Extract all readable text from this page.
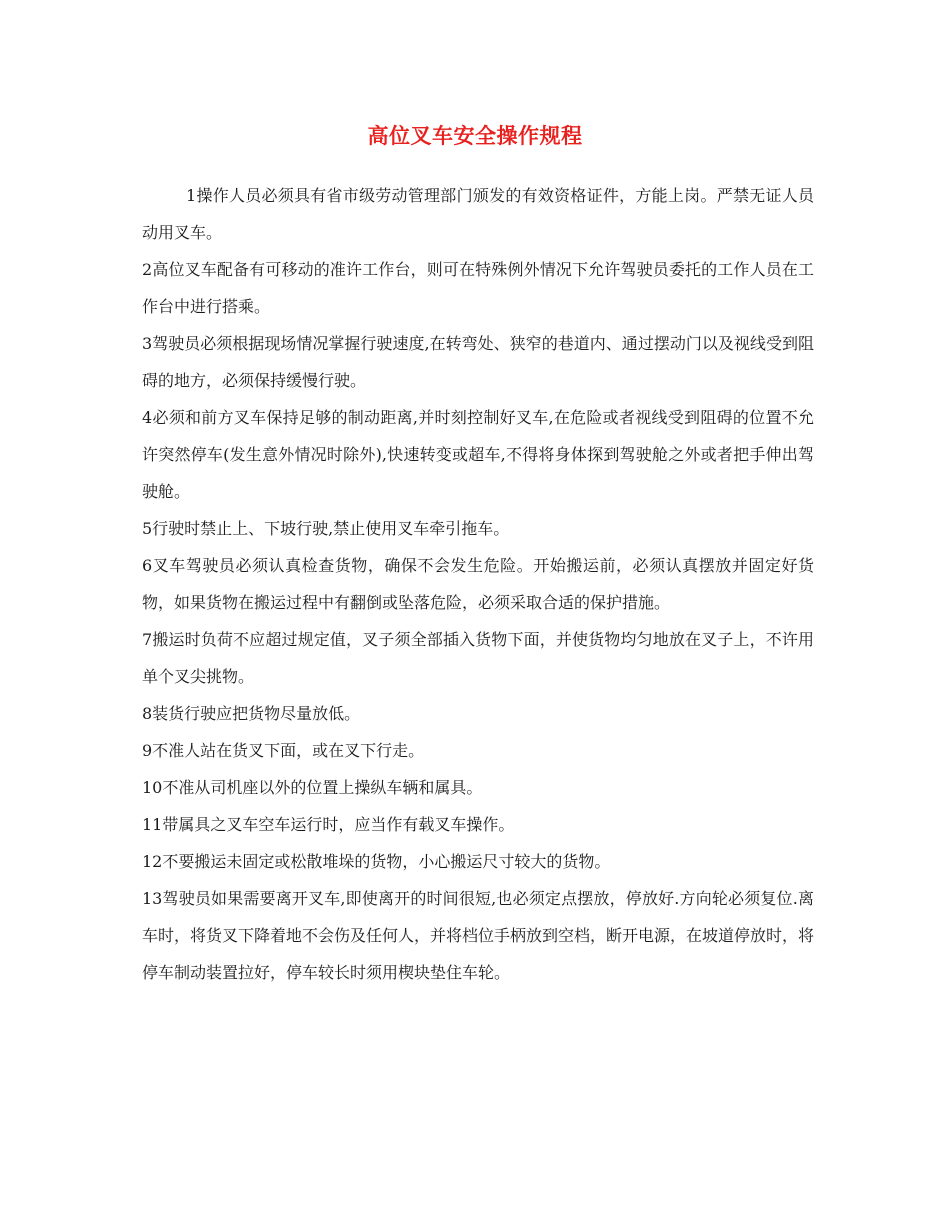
高位叉车安全操作规程

1操作人员必须具有省市级劳动管理部门颁发的有效资格证件，方能上岗。严禁无证人员动用叉车。

2高位叉车配备有可移动的准许工作台，则可在特殊例外情况下允许驾驶员委托的工作人员在工作台中进行搭乘。

3驾驶员必须根据现场情况掌握行驶速度,在转弯处、狭窄的巷道内、通过摆动门以及视线受到阻碍的地方，必须保持缓慢行驶。

4必须和前方叉车保持足够的制动距离,并时刻控制好叉车,在危险或者视线受到阻碍的位置不允许突然停车(发生意外情况时除外),快速转变或超车,不得将身体探到驾驶舱之外或者把手伸出驾驶舱。

5行驶时禁止上、下坡行驶,禁止使用叉车牵引拖车。

6叉车驾驶员必须认真检查货物，确保不会发生危险。开始搬运前，必须认真摆放并固定好货物，如果货物在搬运过程中有翻倒或坠落危险，必须采取合适的保护措施。

7搬运时负荷不应超过规定值，叉子须全部插入货物下面，并使货物均匀地放在叉子上，不许用单个叉尖挑物。

8装货行驶应把货物尽量放低。

9不准人站在货叉下面，或在叉下行走。

10不准从司机座以外的位置上操纵车辆和属具。

11带属具之叉车空车运行时，应当作有载叉车操作。

12不要搬运未固定或松散堆垛的货物，小心搬运尺寸较大的货物。

13驾驶员如果需要离开叉车,即使离开的时间很短,也必须定点摆放，停放好.方向轮必须复位.离车时，将货叉下降着地不会伤及任何人，并将档位手柄放到空档，断开电源，在坡道停放时，将停车制动装置拉好，停车较长时须用楔块垫住车轮。
